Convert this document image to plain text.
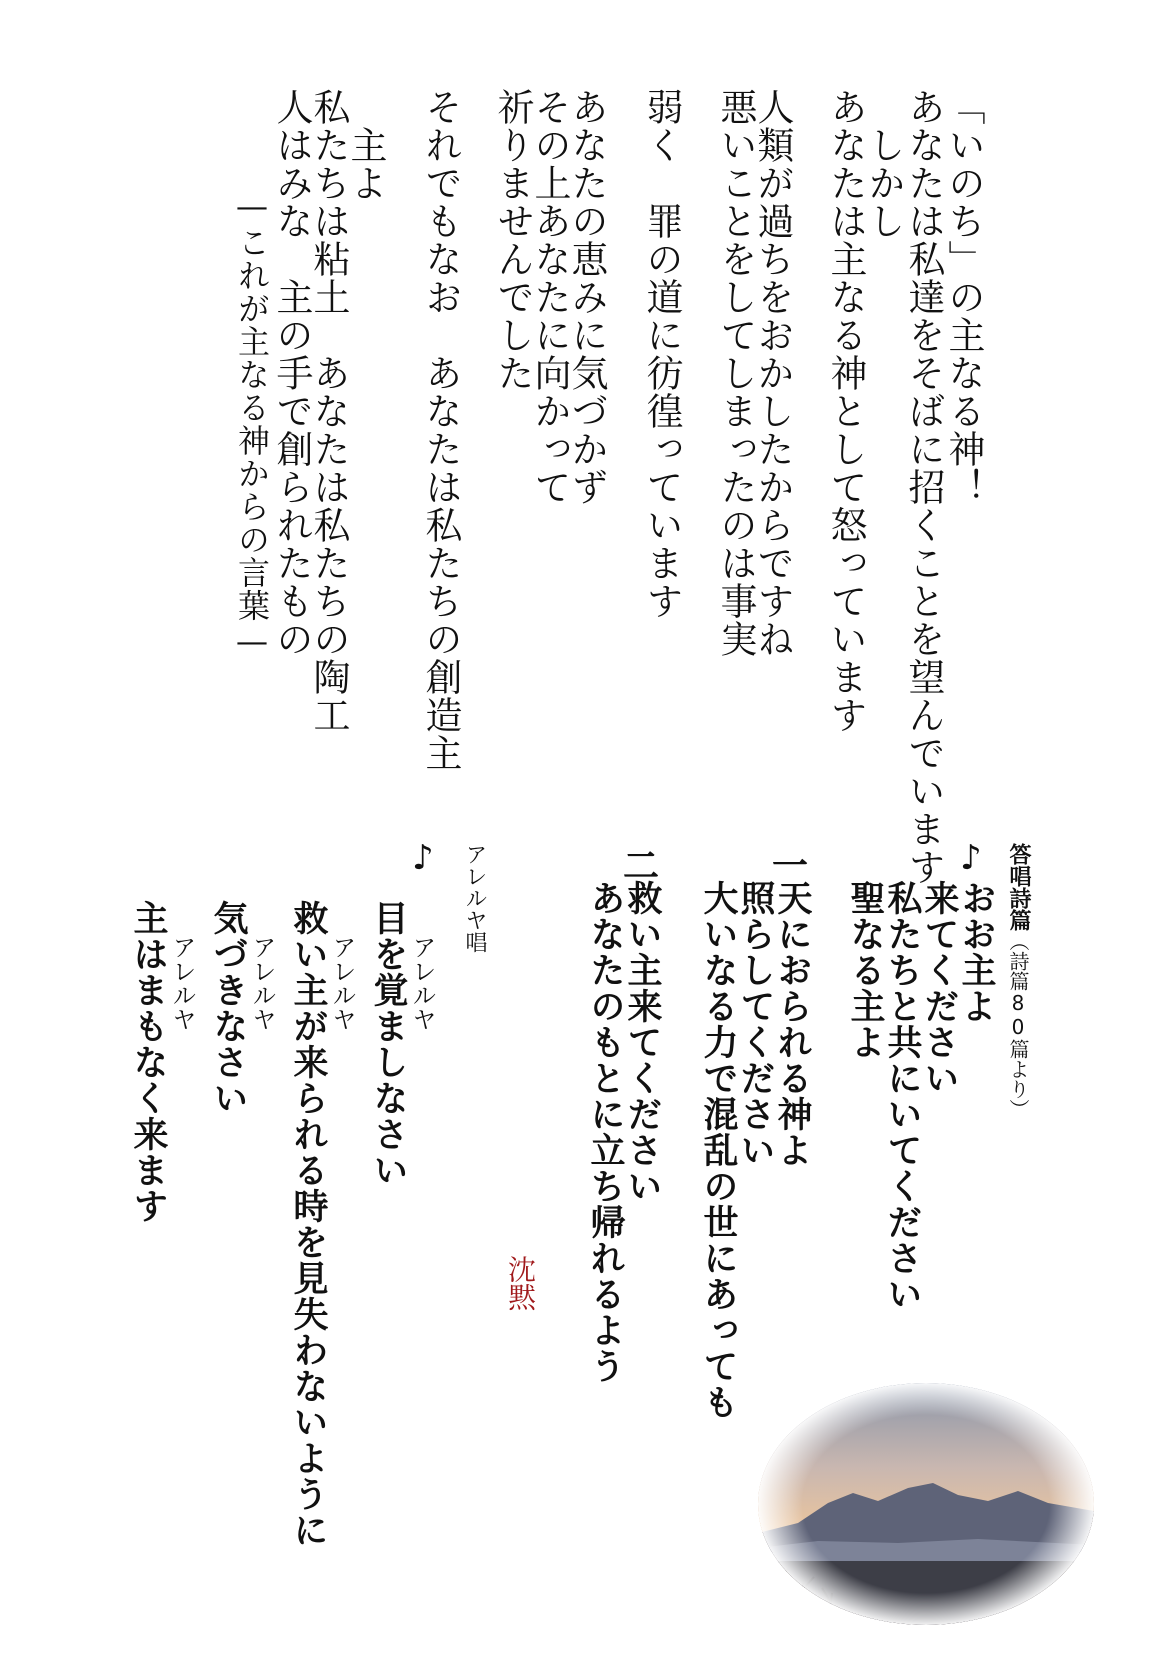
「いのち」の主なる神！
あなたは私達をそばに招くことを望んでいます
　しかし
あなたは主なる神として怒っています
人類が過ちをおかしたからですね
悪いことをしてしまったのは事実
弱く　罪の道に彷徨っています
あなたの恵みに気づかず
その上あなたに向かって
祈りませんでした
それでもなお　あなたは私たちの創造主
　主よ
私たちは粘土　あなたは私たちの陶工
人はみな　主の手で創られたもの
　　　—これが主なる神からの言葉—
答唱詩篇（詩篇80篇より）
♪
おお主よ
来てください
私たちと共にいてください
聖なる主よ
一
天におられる神よ
照らしてください
大いなる力で混乱の世にあっても
二
救い主来てください
あなたのもとに立ち帰れるよう
沈黙
アレルヤ唱
♪
アレルヤ
目を覚ましなさい
アレルヤ
救い主が来られる時を見失わないように
アレルヤ
気づきなさい
アレルヤ
主はまもなく来ます
